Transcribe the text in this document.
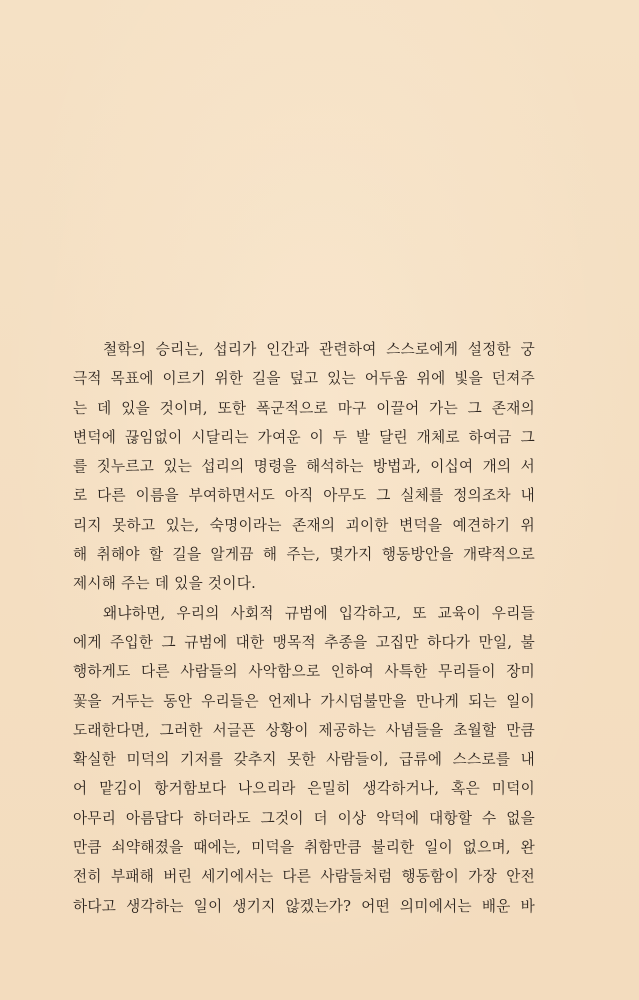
철학의 승리는, 섭리가 인간과 관련하여 스스로에게 설정한 궁
극적 목표에 이르기 위한 길을 덮고 있는 어두움 위에 빛을 던져주
는 데 있을 것이며, 또한 폭군적으로 마구 이끌어 가는 그 존재의
변덕에 끊임없이 시달리는 가여운 이 두 발 달린 개체로 하여금 그
를 짓누르고 있는 섭리의 명령을 해석하는 방법과, 이십여 개의 서
로 다른 이름을 부여하면서도 아직 아무도 그 실체를 정의조차 내
리지 못하고 있는, 숙명이라는 존재의 괴이한 변덕을 예견하기 위
해 취해야 할 길을 알게끔 해 주는, 몇가지 행동방안을 개략적으로
제시해 주는 데 있을 것이다.
왜냐하면, 우리의 사회적 규범에 입각하고, 또 교육이 우리들
에게 주입한 그 규범에 대한 맹목적 추종을 고집만 하다가 만일, 불
행하게도 다른 사람들의 사악함으로 인하여 사특한 무리들이 장미
꽃을 거두는 동안 우리들은 언제나 가시덤불만을 만나게 되는 일이
도래한다면, 그러한 서글픈 상황이 제공하는 사념들을 초월할 만큼
확실한 미덕의 기저를 갖추지 못한 사람들이, 급류에 스스로를 내
어 맡김이 항거함보다 나으리라 은밀히 생각하거나, 혹은 미덕이
아무리 아름답다 하더라도 그것이 더 이상 악덕에 대항할 수 없을
만큼 쇠약해졌을 때에는, 미덕을 취함만큼 불리한 일이 없으며, 완
전히 부패해 버린 세기에서는 다른 사람들처럼 행동함이 가장 안전
하다고 생각하는 일이 생기지 않겠는가? 어떤 의미에서는 배운 바
